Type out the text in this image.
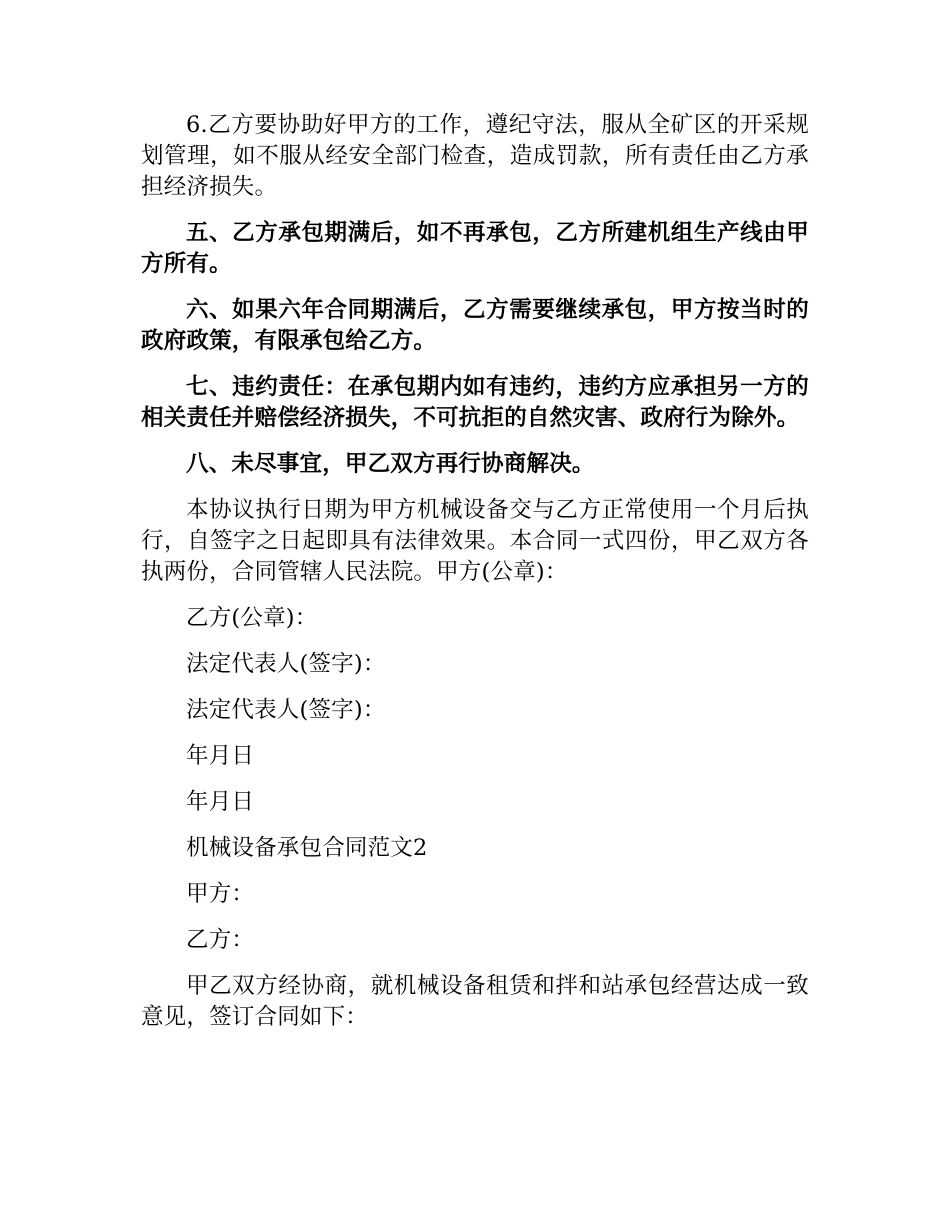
6.乙方要协助好甲方的工作，遵纪守法，服从全矿区的开采规划管理，如不服从经安全部门检查，造成罚款，所有责任由乙方承担经济损失。

五、乙方承包期满后，如不再承包，乙方所建机组生产线由甲方所有。

六、如果六年合同期满后，乙方需要继续承包，甲方按当时的政府政策，有限承包给乙方。

七、违约责任：在承包期内如有违约，违约方应承担另一方的相关责任并赔偿经济损失，不可抗拒的自然灾害、政府行为除外。

八、未尽事宜，甲乙双方再行协商解决。

本协议执行日期为甲方机械设备交与乙方正常使用一个月后执行，自签字之日起即具有法律效果。本合同一式四份，甲乙双方各执两份，合同管辖人民法院。甲方(公章)：

乙方(公章)：

法定代表人(签字)：

法定代表人(签字)：

年月日

年月日

机械设备承包合同范文2

甲方：

乙方：

甲乙双方经协商，就机械设备租赁和拌和站承包经营达成一致意见，签订合同如下：
